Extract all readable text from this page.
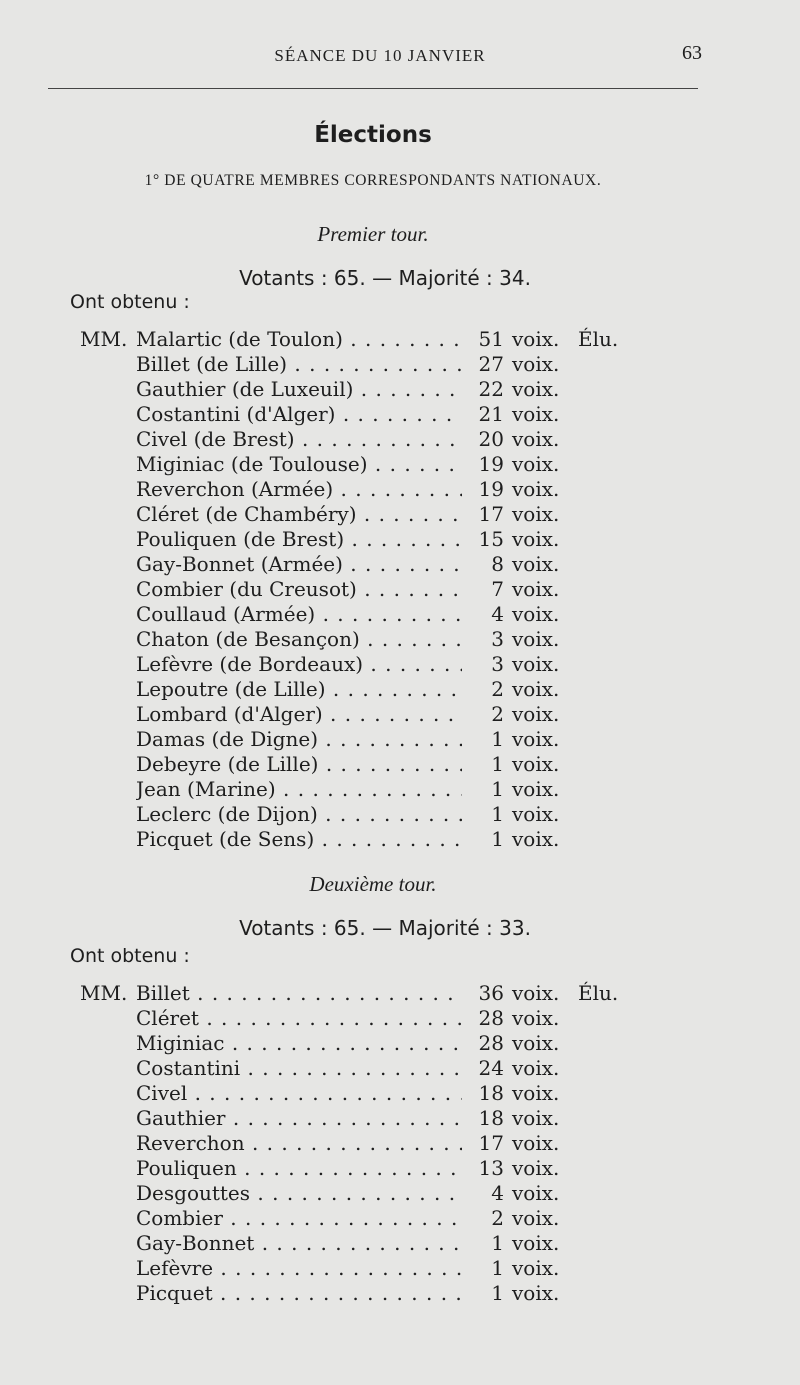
SÉANCE DU 10 JANVIER	63
Élections
1° DE QUATRE MEMBRES CORRESPONDANTS NATIONAUX.
Premier tour.
Votants : 65. — Majorité : 34.
Ont obtenu :
MM. Malartic (de Toulon) . . .	51 voix. Élu.
Billet (de Lille) . . .	27 voix.
Gauthier (de Luxeuil) . . .	22 voix.
Costantini (d'Alger) . . .	21 voix.
Civel (de Brest) . . .	20 voix.
Miginiac (de Toulouse) . . .	19 voix.
Reverchon (Armée) . . .	19 voix.
Cléret (de Chambéry) . . .	17 voix.
Pouliquen (de Brest) . . .	15 voix.
Gay-Bonnet (Armée) . . .	8 voix.
Combier (du Creusot) . . .	7 voix.
Coullaud (Armée) . . .	4 voix.
Chaton (de Besançon) . . .	3 voix.
Lefèvre (de Bordeaux) . . .	3 voix.
Lepoutre (de Lille) . . .	2 voix.
Lombard (d'Alger) . . .	2 voix.
Damas (de Digne) . . .	1 voix.
Debeyre (de Lille) . . .	1 voix.
Jean (Marine) . . .	1 voix.
Leclerc (de Dijon) . . .	1 voix.
Picquet (de Sens) . . .	1 voix.
Deuxième tour.
Votants : 65. — Majorité : 33.
Ont obtenu :
MM. Billet . . .	36 voix. Élu.
Cléret . . .	28 voix.
Miginiac . . .	28 voix.
Costantini . . .	24 voix.
Civel . . .	18 voix.
Gauthier . . .	18 voix.
Reverchon . . .	17 voix.
Pouliquen . . .	13 voix.
Desgouttes . . .	4 voix.
Combier . . .	2 voix.
Gay-Bonnet . . .	1 voix.
Lefèvre . . .	1 voix.
Picquet . . .	1 voix.
